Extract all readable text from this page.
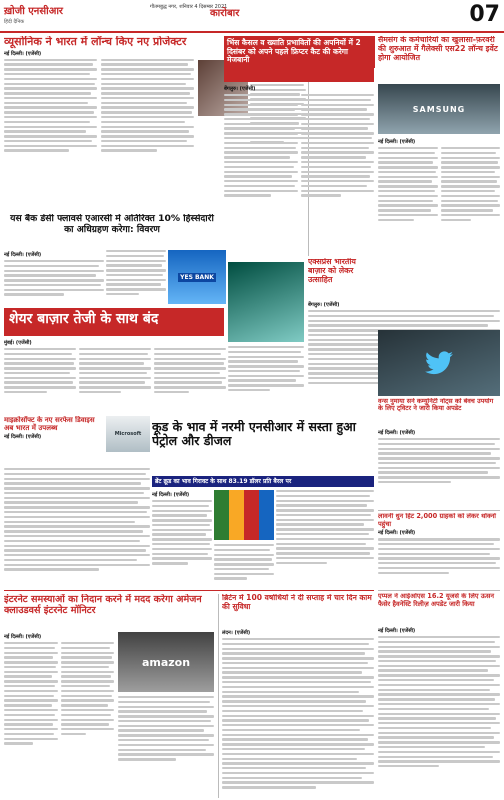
ख़ोजी एनसीआर
हिंदी दैनिक
गौतमबुद्ध नगर, शनिवार 4 दिसम्बर 2021
कारोबार	07
व्यूसोनिक ने भारत में लॉन्च किए नए प्रोजेक्टर
नई दिल्ली। (एजेंसी)
भिंस कैसल व ख्याति प्रभावितों की अपनियों में 2 दिसंबर को अपने पहले फ्रिप्टर कैट की करेगा मेजबानी
बेंगलुरु। (एजेंसी)
सैमसंग के कर्मचारियों का खुलासा-फ़रवरी की शुरुआत में गैलेक्सी एस22 लॉन्च इवेंट होगा आयोजित
SAMSUNG
नई दिल्ली। (एजेंसी)
यस बैंक डेसी फ्लावर्स एआरसी में अतिरिक्त 10% हिस्सेदारी का अधिग्रहण करेगा: विवरण
नई दिल्ली। (एजेंसी)
YES BANK
शेयर बाज़ार तेजी के साथ बंद
मुंबई। (एजेंसी)
एक्सप्रेस भारतीय बाज़ार को लेकर उत्साहित
बेंगलुरु। (एजेंसी)
वन्स नुमाया सने कम्युनिटी नोट्स को बेवच उपयोग के लिए ट्विटर ने जारी किया अपडेट
माइक्रोसॉफ्ट के नए सरफेस डिवाइस अब भारत में उपलब्ध
नई दिल्ली। (एजेंसी)
Microsoft कूड के भाव में नरमी एनसीआर में सस्ता हुआ पेट्रोल और डीजल
ब्रेंट क्रूड का भाव गिरावट के साथ 83.19 डॉलर प्रति बैरल पर
नई दिल्ली। (एजेंसी)
नई दिल्ली। (एजेंसी)
लावनी धुन हिट 2,000 ग्राहकों को लेकर थोक्नो पहुंचा
नई दिल्ली। (एजेंसी)
एप्पल ने आईओएस 16.2 यूजर्स के लिए ऊसन फैसेर हैवनेस्टि रिलीज़ अपडेट जारी किया
नई दिल्ली। (एजेंसी)
इंटरनेट समस्याओं का निदान करने में मदद करेगा अमेजन क्लाउडवर्स इंटरनेट मॉनिटर
नई दिल्ली। (एजेंसी)
amazon
ब्रिटेन में 100 वर्षाधियों ने दी सप्ताह में चार दिन काम की सुविधा
लंदन। (एजेंसी)
